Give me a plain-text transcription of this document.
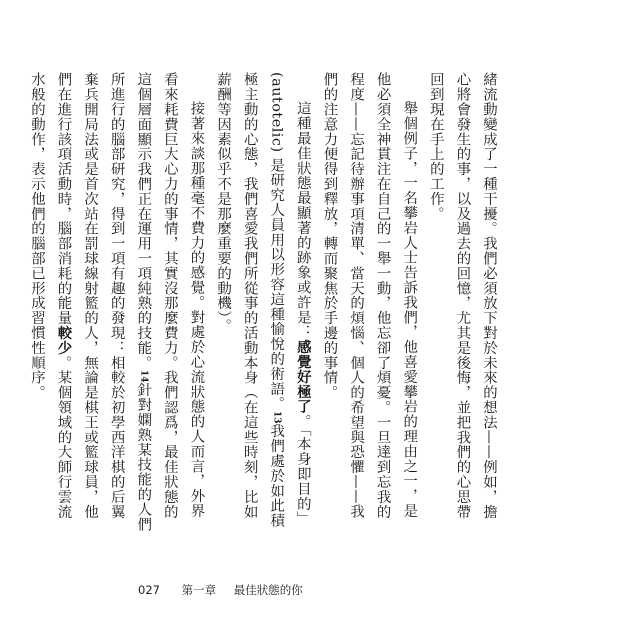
緒流動變成了一種干擾。我們必須放下對於未來的想法——例如，擔心將會發生的事，以及過去的回憶，尤其是後悔，並把我們的心思帶回到現在手上的工作。

舉個例子，一名攀岩人士告訴我們，他喜愛攀岩的理由之一，是他必須全神貫注在自己的一舉一動，他忘卻了煩憂。一旦達到忘我的程度——忘記待辦事項清單、當天的煩惱、個人的希望與恐懼——我們的注意力便得到釋放，轉而聚焦於手邊的事情。

這種最佳狀態最顯著的跡象或許是：感覺好極了。「本身即目的」(autotelic) 是研究人員用以形容這種愉悅的術語。13我們處於如此積極主動的心態，我們喜愛我們所從事的活動本身（在這些時刻，比如薪酬等因素似乎不是那麼重要的動機）。

接著來談那種毫不費力的感覺。對處於心流狀態的人而言，外界看來耗費巨大心力的事情，其實沒那麼費力。我們認爲，最佳狀態的這個層面顯示我們正在運用一項純熟的技能。14針對嫻熟某技能的人們所進行的腦部研究，得到一項有趣的發現：相較於初學西洋棋的后翼棄兵開局法或是首次站在罰球線射籃的人，無論是棋王或籃球員，他們在進行該項活動時，腦部消耗的能量較少。某個領域的大師行雲流水般的動作，表示他們的腦部已形成習慣性順序。

027 第一章 最佳狀態的你
